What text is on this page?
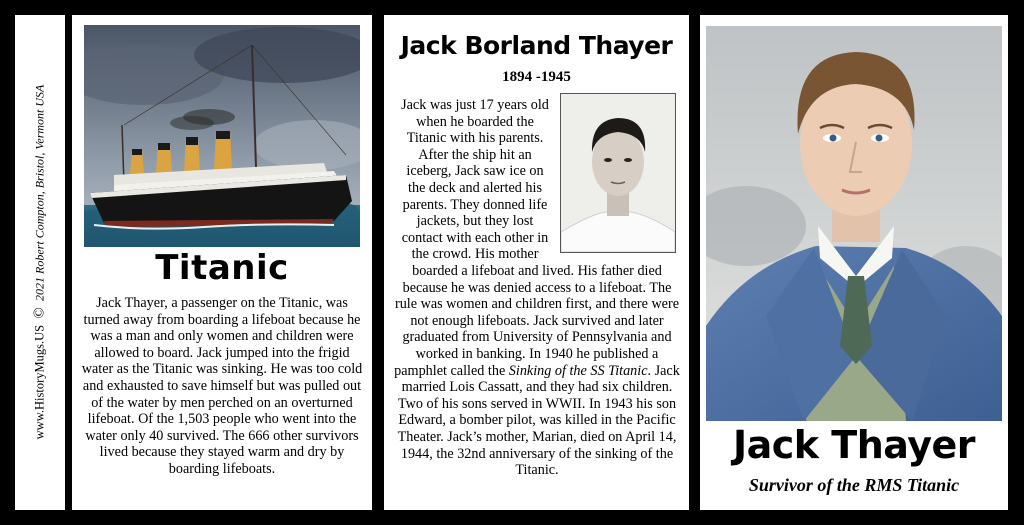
www.HistoryMugs.US  ©  2021 Robert Compton, Bristol, Vermont USA	Titanic
Jack Thayer, a passenger on the Titanic, was turned away from boarding a lifeboat because he was a man and only women and children were allowed to board. Jack jumped into the frigid water as the Titanic was sinking. He was too cold and exhausted to save himself but was pulled out of the water by men perched on an overturned lifeboat. Of the 1,503 people who went into the water only 40 survived. The 666 other survivors lived because they stayed warm and dry by boarding lifeboats.
Jack Borland Thayer
1894 -1945
Jack was just 17 years old
when he boarded the
Titanic with his parents.
After the ship hit an
iceberg, Jack saw ice on
the deck and alerted his
parents. They donned life
jackets, but they lost
contact with each other in
the crowd. His mother
boarded a lifeboat and lived. His father died because he was denied access to a lifeboat. The rule was women and children first, and there were not enough lifeboats. Jack survived and later graduated from University of Pennsylvania and worked in banking. In 1940 he published a pamphlet called the Sinking of the SS Titanic. Jack married Lois Cassatt, and they had six children. Two of his sons served in WWII. In 1943 his son Edward, a bomber pilot, was killed in the Pacific Theater. Jack’s mother, Marian, died on April 14, 1944, the 32nd anniversary of the sinking of the Titanic.
Jack Thayer
Survivor of the RMS Titanic
